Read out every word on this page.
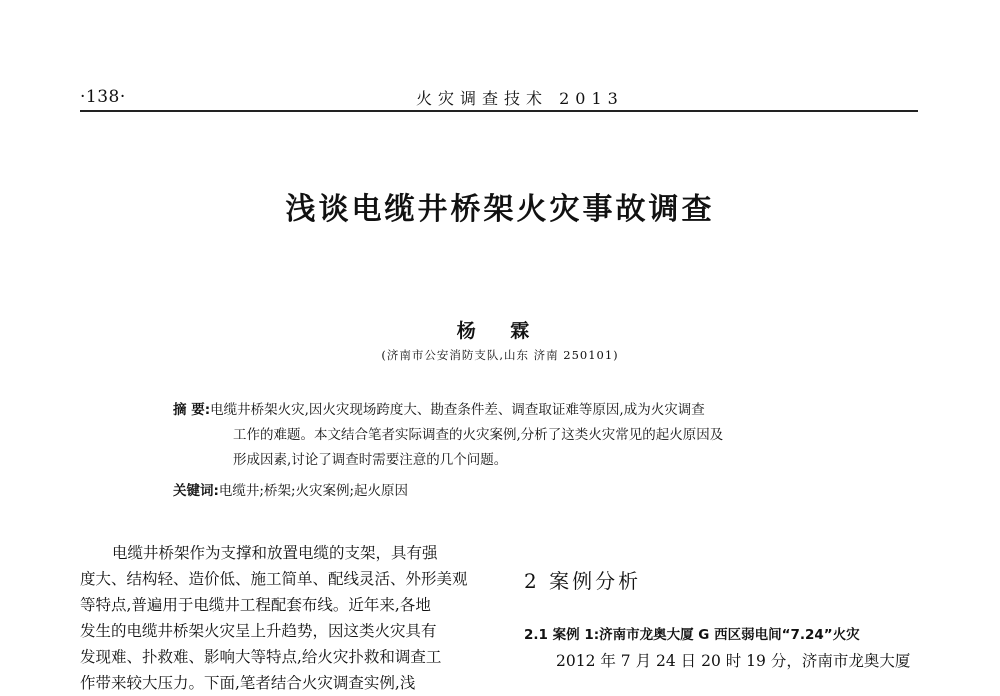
·138·	火灾调查技术 2013
浅谈电缆井桥架火灾事故调查
杨 霖
(济南市公安消防支队,山东 济南 250101)
摘 要:电缆井桥架火灾,因火灾现场跨度大、勘查条件差、调查取证难等原因,成为火灾调查
工作的难题。本文结合笔者实际调查的火灾案例,分析了这类火灾常见的起火原因及
形成因素,讨论了调查时需要注意的几个问题。
关键词:电缆井;桥架;火灾案例;起火原因
电缆井桥架作为支撑和放置电缆的支架，具有强
度大、结构轻、造价低、施工简单、配线灵活、外形美观
等特点,普遍用于电缆井工程配套布线。近年来,各地
发生的电缆井桥架火灾呈上升趋势，因这类火灾具有
发现难、扑救难、影响大等特点,给火灾扑救和调查工
作带来较大压力。下面,笔者结合火灾调查实例,浅
2 案例分析
2.1 案例 1:济南市龙奥大厦 G 西区弱电间“7.24”火灾
2012 年 7 月 24 日 20 时 19 分，济南市龙奥大厦
